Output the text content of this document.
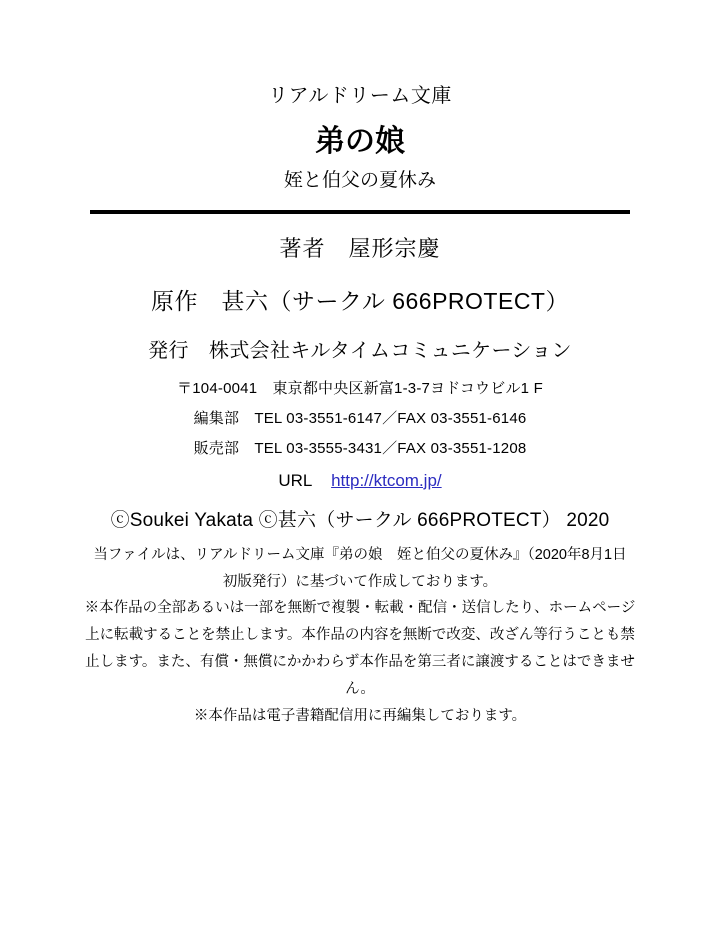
リアルドリーム文庫
弟の娘
姪と伯父の夏休み
著者　屋形宗慶
原作　甚六（サークル 666PROTECT）
発行　株式会社キルタイムコミュニケーション
〒104-0041　東京都中央区新富1-3-7ヨドコウビル1 F
編集部　TEL 03-3551-6147／FAX 03-3551-6146
販売部　TEL 03-3555-3431／FAX 03-3551-1208
URL http://ktcom.jp/
ⓒSoukei Yakata ⓒ甚六（サークル 666PROTECT） 2020

当ファイルは、リアルドリーム文庫『弟の娘　姪と伯父の夏休み』（2020年8月1日　初版発行）に基づいて作成しております。

※本作品の全部あるいは一部を無断で複製・転載・配信・送信したり、ホームページ上に転載することを禁止します。本作品の内容を無断で改変、改ざん等行うことも禁止します。また、有償・無償にかかわらず本作品を第三者に譲渡することはできません。

※本作品は電子書籍配信用に再編集しております。
